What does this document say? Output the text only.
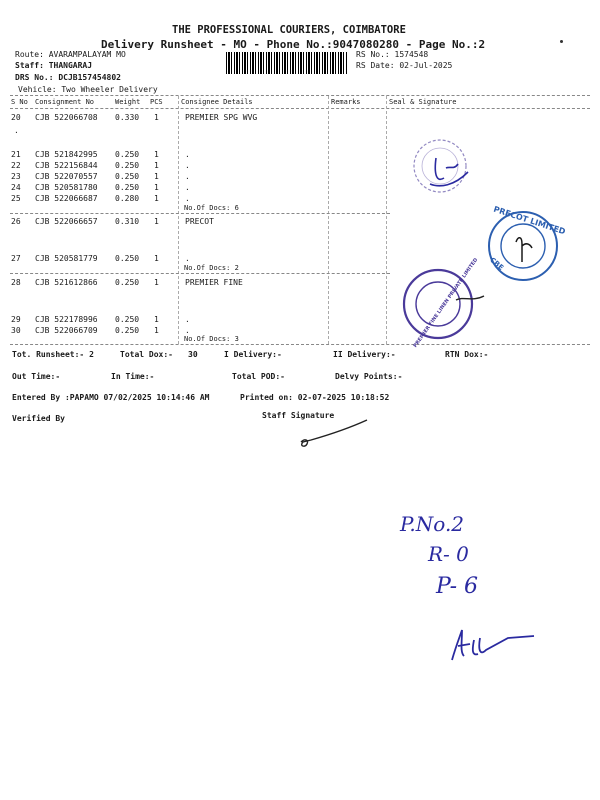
THE PROFESSIONAL COURIERS, COIMBATORE
Delivery Runsheet - MO - Phone No.:9047080280 - Page No.:2
Route: AVARAMPALAYAM MO
Staff: THANGARAJ
DRS No.: DCJB157454802
Vehicle: Two Wheeler Delivery
RS No.: 1574548
RS Date: 02-Jul-2025
S No Consignment No	Weight PCS	Consignee Details	Remarks	Seal & Signature
20 CJB 522066708 0.330 1	PREMIER SPG WVG
.
21 CJB 521842995 0.250 1	.
22 CJB 522156844 0.250 1	.
23 CJB 522070557 0.250 1	.
24 CJB 520581780 0.250 1	.
25 CJB 522066687 0.280 1	.
No.Of Docs: 6
26 CJB 522066657 0.310 1	PRECOT
27 CJB 520581779 0.250 1	.
No.Of Docs: 2
28 CJB 521612866 0.250 1	PREMIER FINE
29 CJB 522178996 0.250 1	.
30 CJB 522066709 0.250 1	.
No.Of Docs: 3
Tot. Runsheet:- 2	Total Dox:- 30	I Delivery:-	II Delivery:-	RTN Dox:-
Out Time:-	In Time:-	Total POD:-	Delvy Points:-
Entered By :PAPAMO 07/02/2025 10:14:46 AM	Printed on: 02-07-2025 10:18:52
Verified By	Staff Signature
PRECOT LIMITED
CBE
PREMIER FINE LINEN PRIVATE LIMITED
P.No.2
R- 0
P- 6
